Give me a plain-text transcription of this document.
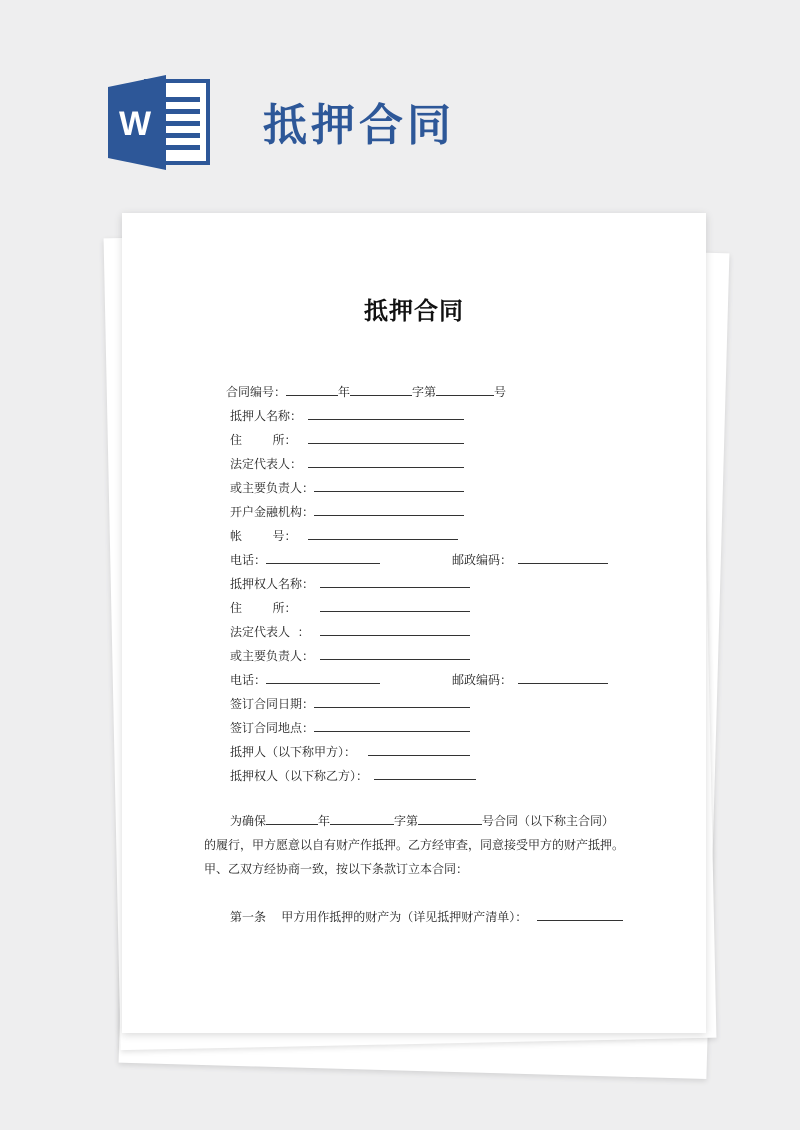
W	抵押合同
抵押合同
合同编号：	年	字第	号
抵押人名称：
住        所：
法定代表人：
或主要负责人：
开户金融机构：
帐        号：
电话：	邮政编码：
抵押权人名称：
住        所：
法定代表人  ：
或主要负责人：
电话：	邮政编码：
签订合同日期：
签订合同地点：
抵押人（以下称甲方）：
抵押权人（以下称乙方）：
为确保	年	字第	号合同（以下称主合同）
的履行，甲方愿意以自有财产作抵押。乙方经审查，同意接受甲方的财产抵押。
甲、乙双方经协商一致，按以下条款订立本合同：
第一条    甲方用作抵押的财产为（详见抵押财产清单）：
